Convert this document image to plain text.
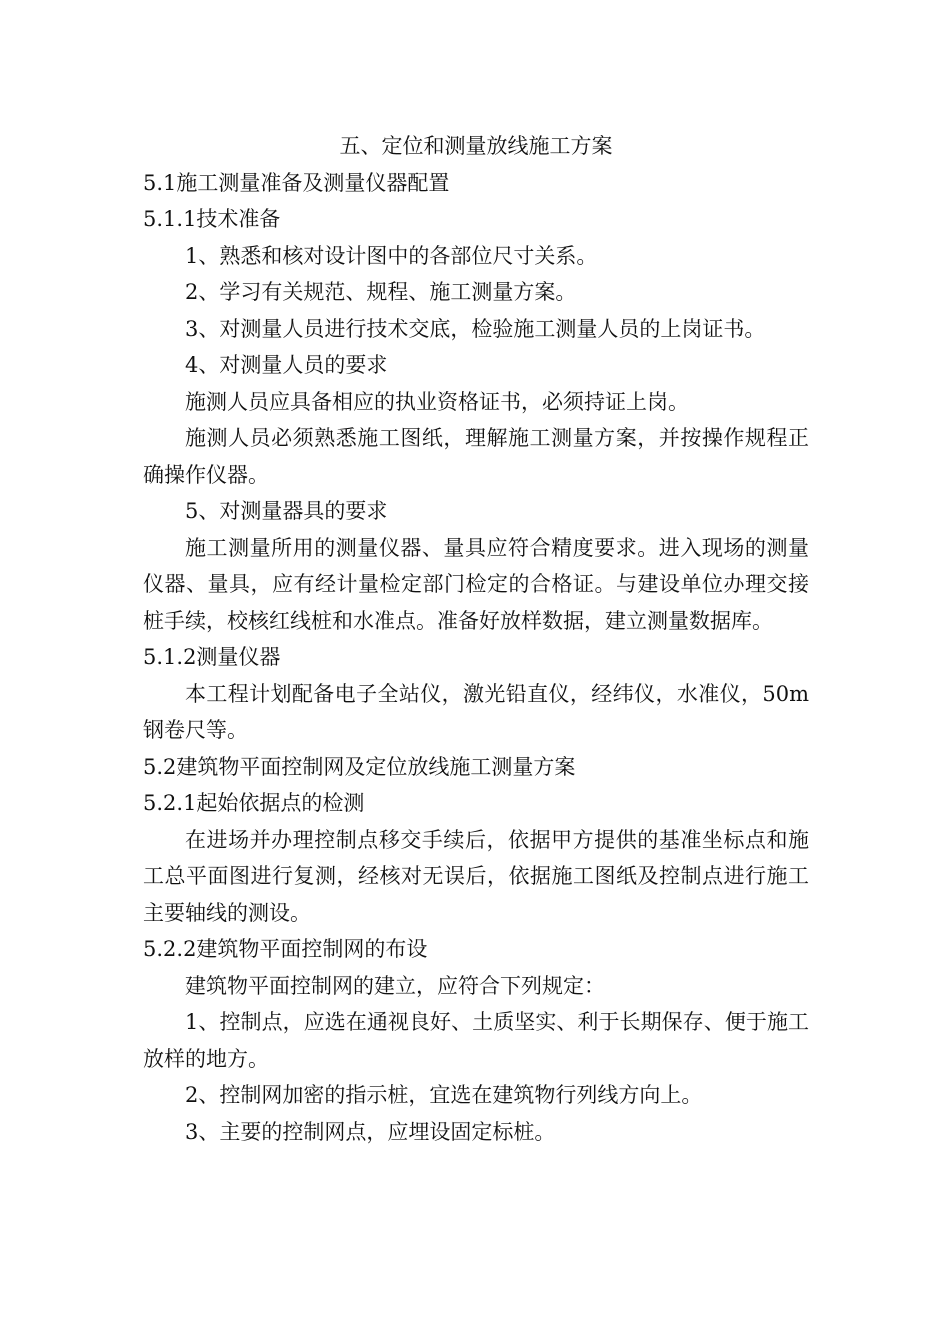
五、定位和测量放线施工方案

5.1施工测量准备及测量仪器配置

5.1.1技术准备

1、熟悉和核对设计图中的各部位尺寸关系。

2、学习有关规范、规程、施工测量方案。

3、对测量人员进行技术交底，检验施工测量人员的上岗证书。

4、对测量人员的要求

施测人员应具备相应的执业资格证书，必须持证上岗。

施测人员必须熟悉施工图纸，理解施工测量方案，并按操作规程正确操作仪器。

5、对测量器具的要求

施工测量所用的测量仪器、量具应符合精度要求。进入现场的测量仪器、量具，应有经计量检定部门检定的合格证。与建设单位办理交接桩手续，校核红线桩和水准点。准备好放样数据，建立测量数据库。

5.1.2测量仪器

本工程计划配备电子全站仪，激光铅直仪，经纬仪，水准仪，50m钢卷尺等。

5.2建筑物平面控制网及定位放线施工测量方案

5.2.1起始依据点的检测

在进场并办理控制点移交手续后，依据甲方提供的基准坐标点和施工总平面图进行复测，经核对无误后，依据施工图纸及控制点进行施工主要轴线的测设。

5.2.2建筑物平面控制网的布设

建筑物平面控制网的建立，应符合下列规定：

1、控制点，应选在通视良好、土质坚实、利于长期保存、便于施工放样的地方。

2、控制网加密的指示桩，宜选在建筑物行列线方向上。

3、主要的控制网点，应埋设固定标桩。
